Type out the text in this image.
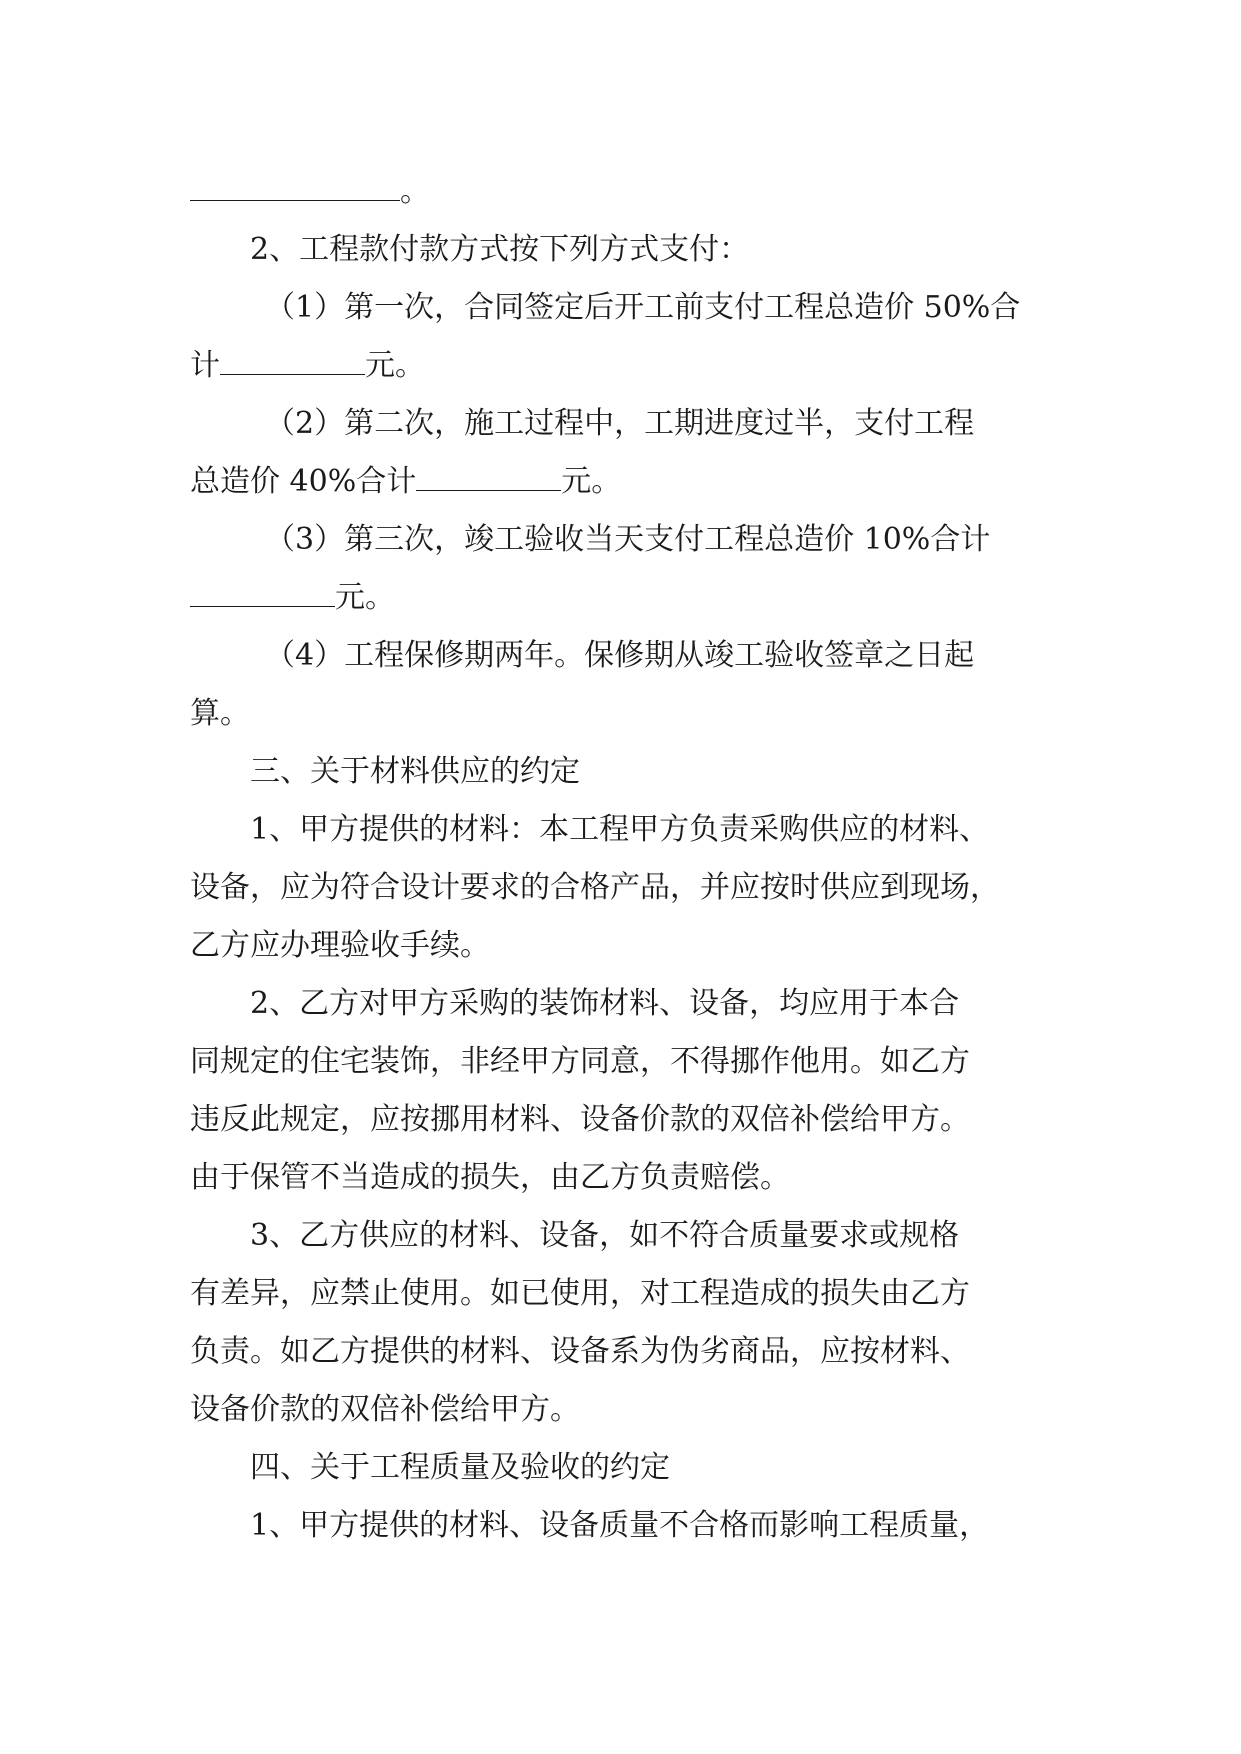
。
2、工程款付款方式按下列方式支付：
（1）第一次，合同签定后开工前支付工程总造价 50%合
计	元。
（2）第二次，施工过程中，工期进度过半，支付工程
总造价 40%合计	元。
（3）第三次，竣工验收当天支付工程总造价 10%合计
元。
（4）工程保修期两年。保修期从竣工验收签章之日起
算。
三、关于材料供应的约定
1、甲方提供的材料：本工程甲方负责采购供应的材料、
设备，应为符合设计要求的合格产品，并应按时供应到现场，
乙方应办理验收手续。
2、乙方对甲方采购的装饰材料、设备，均应用于本合
同规定的住宅装饰，非经甲方同意，不得挪作他用。如乙方
违反此规定，应按挪用材料、设备价款的双倍补偿给甲方。
由于保管不当造成的损失，由乙方负责赔偿。
3、乙方供应的材料、设备，如不符合质量要求或规格
有差异，应禁止使用。如已使用，对工程造成的损失由乙方
负责。如乙方提供的材料、设备系为伪劣商品，应按材料、
设备价款的双倍补偿给甲方。
四、关于工程质量及验收的约定
1、甲方提供的材料、设备质量不合格而影响工程质量，
